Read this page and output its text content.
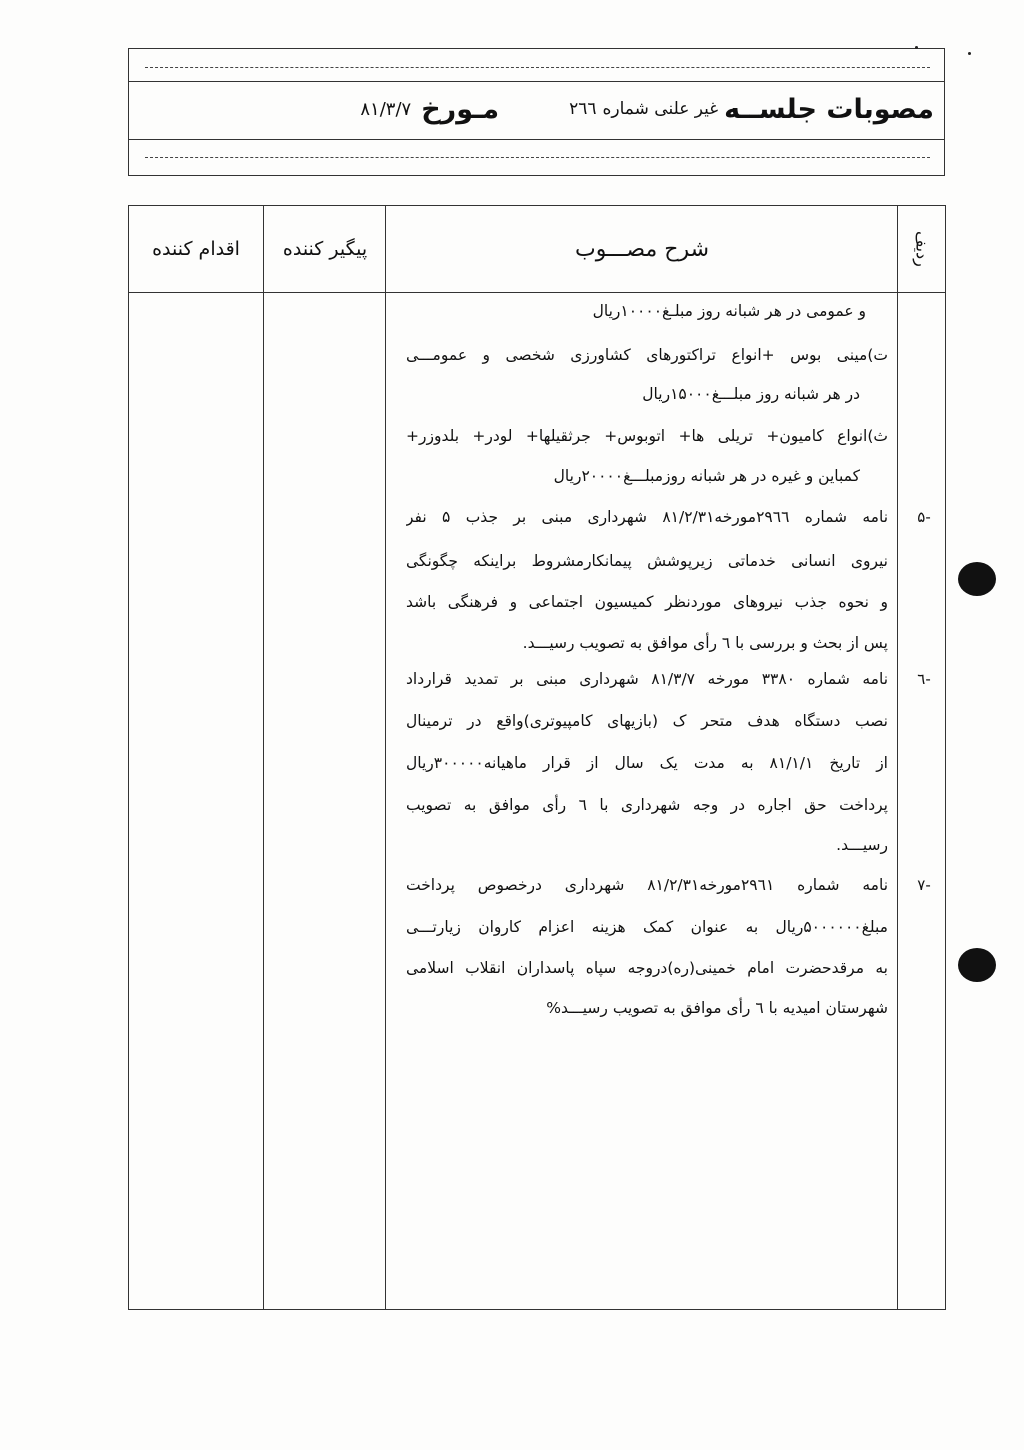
مصوبات جلســه
غیر علنی شماره
۲٦٦
مـورخ
۸۱/۳/۷
ردیف
شرح مصـــوب
پیگیر کننده
اقدام کننده
و عمومی در هر شبانه روز مبلـغ۱۰۰۰۰ریال
ت)مینی بوس +انواع تراکتورهای کشاورزی شخصی و عمومـــی
در هر شبانه روز مبلـــغ۱۵۰۰۰ریال
ث)انواع کامیون+ تریلی ها+ اتوبوس+ جرثقیلها+ لودر+ بلدوزر+
کمباین و غیره در هر شبانه روزمبلـــغ۲۰۰۰۰ریال
-۵
نامه شماره ۲۹٦٦مورخه۸۱/۲/۳۱ شهرداری مبنی بر جذب ۵ نفر
نیروی انسانی خدماتی زیرپوشش پیمانکارمشروط براینکه چگونگی
و نحوه جذب نیروهای موردنظر کمیسیون اجتماعی و فرهنگی باشد
پس از بحث و بررسی با ٦ رأی موافق به تصویب رسیـــد.
-٦
نامه شماره ۳۳۸۰ مورخه ۸۱/۳/۷ شهرداری مبنی بر تمدید قرارداد
نصب دستگاه هدف متحر ک (بازیهای کامپیوتری)واقع در ترمینال
از تاریخ ۸۱/۱/۱ به مدت یک سال از قرار ماهیانه۳۰۰۰۰۰ریال
پرداخت حق اجاره در وجه شهرداری با ٦ رأی موافق به تصویب
رسیـــد.
-۷
نامه شماره ۲۹٦۱مورخه۸۱/۲/۳۱ شهرداری درخصوص پرداخت
مبلغ۵۰۰۰۰۰۰ریال به عنوان کمک هزینه اعزام کاروان زیارتـــی
به مرقدحضرت امام خمینی(ره)دروجه سپاه پاسداران انقلاب اسلامی
شهرستان امیدیه با ٦ رأی موافق به تصویب رسیـــد%
